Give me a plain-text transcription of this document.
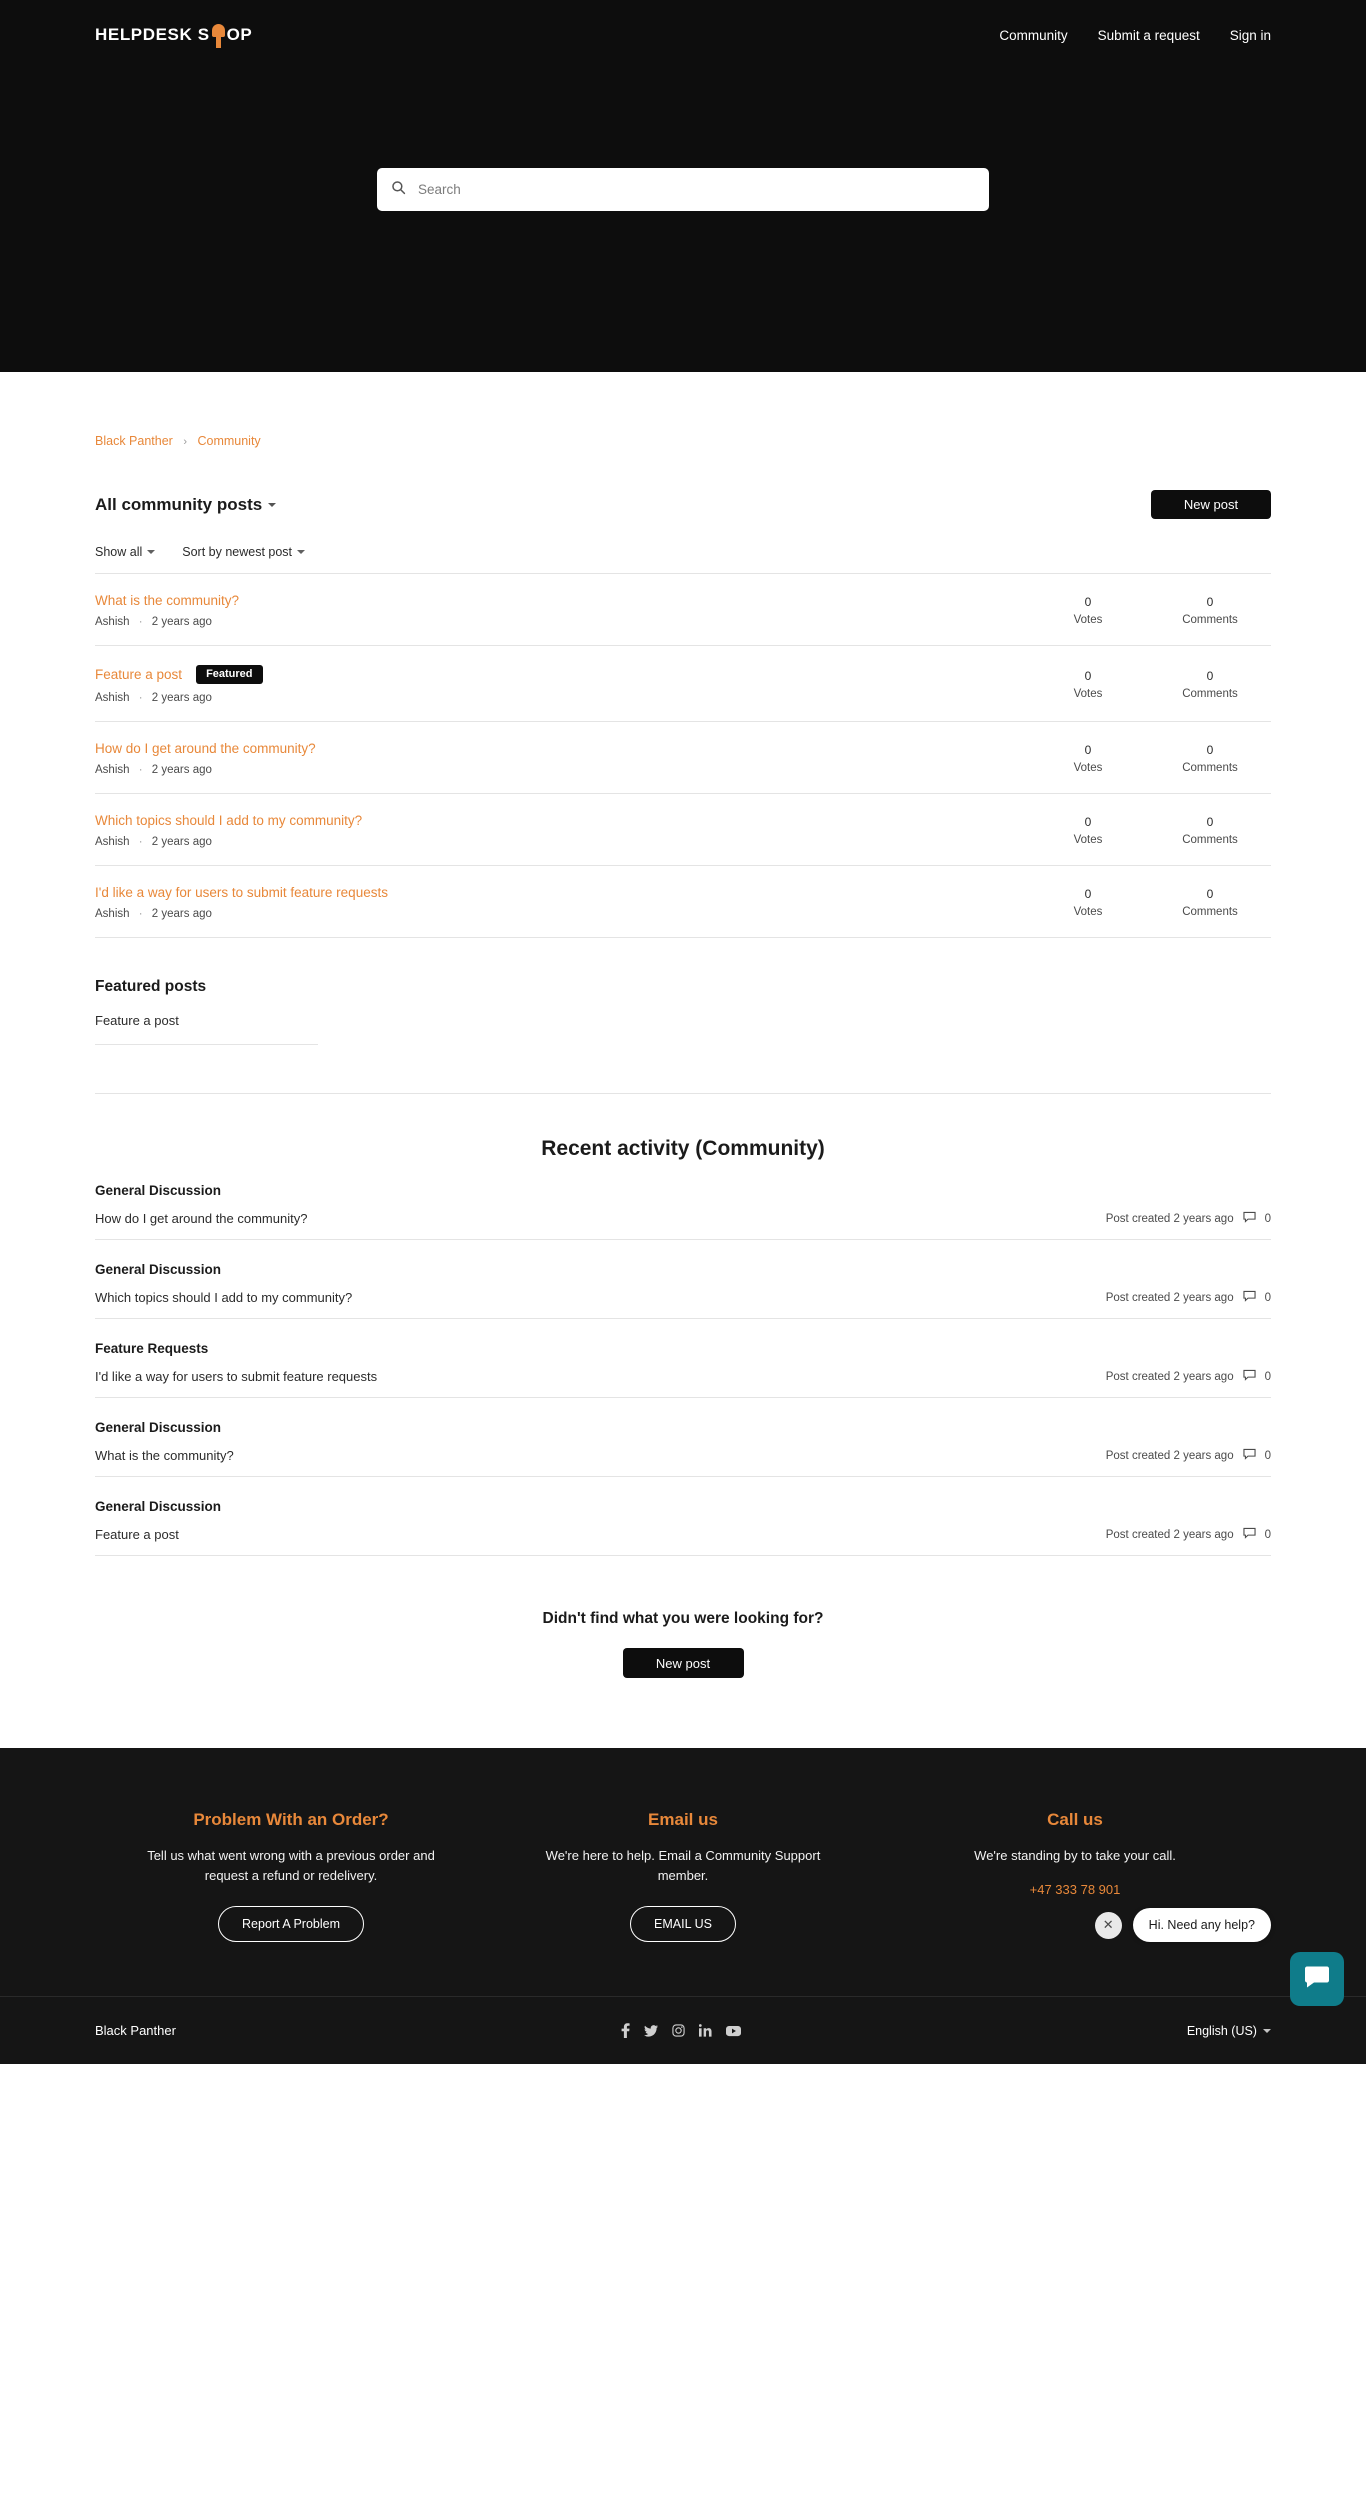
HELPDESK S OP	Community Submit a request Sign in
Search
Black Panther › Community
All community posts	New post
Show all	Sort by newest post
What is the community?
Ashish · 2 years ago
0
Votes
0
Comments
Feature a post	Featured
Ashish · 2 years ago
0
Votes
0
Comments
How do I get around the community?
Ashish · 2 years ago
0
Votes
0
Comments
Which topics should I add to my community?
Ashish · 2 years ago
0
Votes
0
Comments
I'd like a way for users to submit feature requests
Ashish · 2 years ago
0
Votes
0
Comments
Featured posts
Feature a post
Recent activity (Community)
General Discussion
How do I get around the community?	Post created 2 years ago	0
General Discussion
Which topics should I add to my community?	Post created 2 years ago	0
Feature Requests
I'd like a way for users to submit feature requests	Post created 2 years ago	0
General Discussion
What is the community?	Post created 2 years ago	0
General Discussion
Feature a post	Post created 2 years ago	0
Didn't find what you were looking for?
New post
Problem With an Order?

Tell us what went wrong with a previous order and request a refund or redelivery.

Report A Problem
Email us

We're here to help. Email a Community Support member.

EMAIL US
Call us

We're standing by to take your call.

+47 333 78 901
Black Panther	English (US)
✕	Hi. Need any help?
